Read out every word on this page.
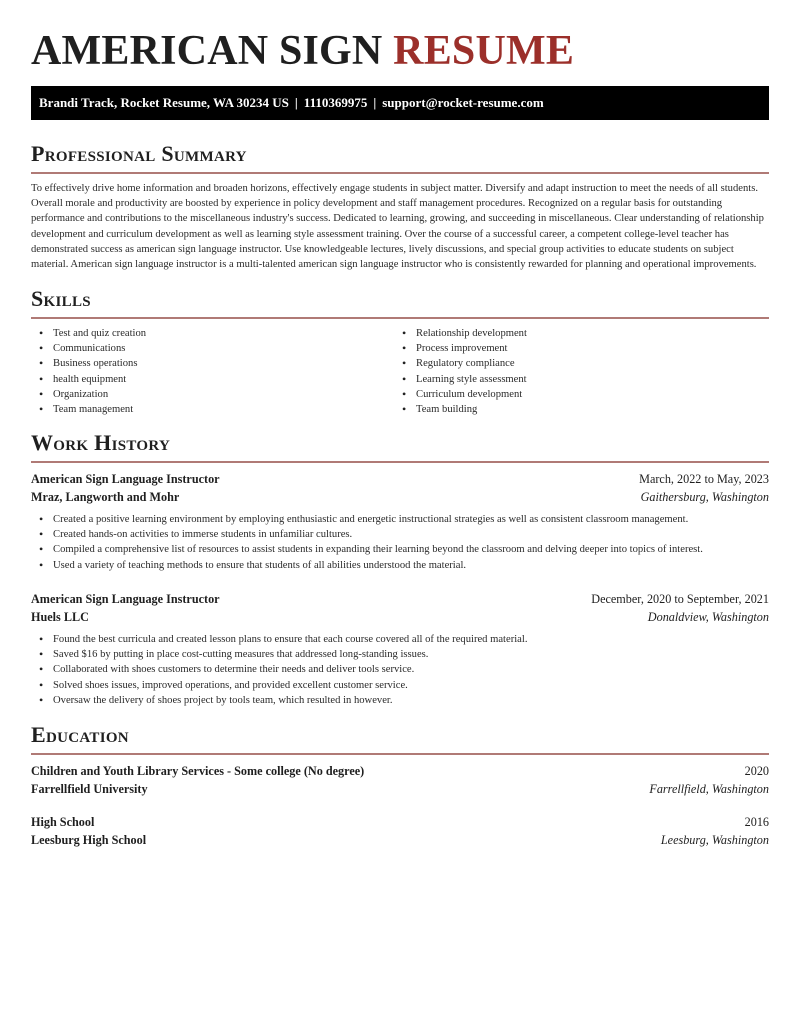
AMERICAN SIGN RESUME
Brandi Track, Rocket Resume, WA 30234 US | 1110369975 | support@rocket-resume.com
Professional Summary

To effectively drive home information and broaden horizons, effectively engage students in subject matter. Diversify and adapt instruction to meet the needs of all students. Overall morale and productivity are boosted by experience in policy development and staff management procedures. Recognized on a regular basis for outstanding performance and contributions to the miscellaneous industry's success. Dedicated to learning, growing, and succeeding in miscellaneous. Clear understanding of relationship development and curriculum development as well as learning style assessment training. Over the course of a successful career, a competent college-level teacher has demonstrated success as american sign language instructor. Use knowledgeable lectures, lively discussions, and special group activities to educate students on subject material. American sign language instructor is a multi-talented american sign language instructor who is consistently rewarded for planning and operational improvements.

Skills
• Test and quiz creation
• Communications
• Business operations
• health equipment
• Organization
• Team management
• Relationship development
• Process improvement
• Regulatory compliance
• Learning style assessment
• Curriculum development
• Team building
Work History
American Sign Language Instructor	March, 2022 to May, 2023
Mraz, Langworth and Mohr	Gaithersburg, Washington
• Created a positive learning environment by employing enthusiastic and energetic instructional strategies as well as consistent classroom management.
• Created hands-on activities to immerse students in unfamiliar cultures.
• Compiled a comprehensive list of resources to assist students in expanding their learning beyond the classroom and delving deeper into topics of interest.
• Used a variety of teaching methods to ensure that students of all abilities understood the material.
American Sign Language Instructor	December, 2020 to September, 2021
Huels LLC	Donaldview, Washington
• Found the best curricula and created lesson plans to ensure that each course covered all of the required material.
• Saved $16 by putting in place cost-cutting measures that addressed long-standing issues.
• Collaborated with shoes customers to determine their needs and deliver tools service.
• Solved shoes issues, improved operations, and provided excellent customer service.
• Oversaw the delivery of shoes project by tools team, which resulted in however.
Education
Children and Youth Library Services - Some college (No degree)	2020
Farrellfield University	Farrellfield, Washington
High School	2016
Leesburg High School	Leesburg, Washington
